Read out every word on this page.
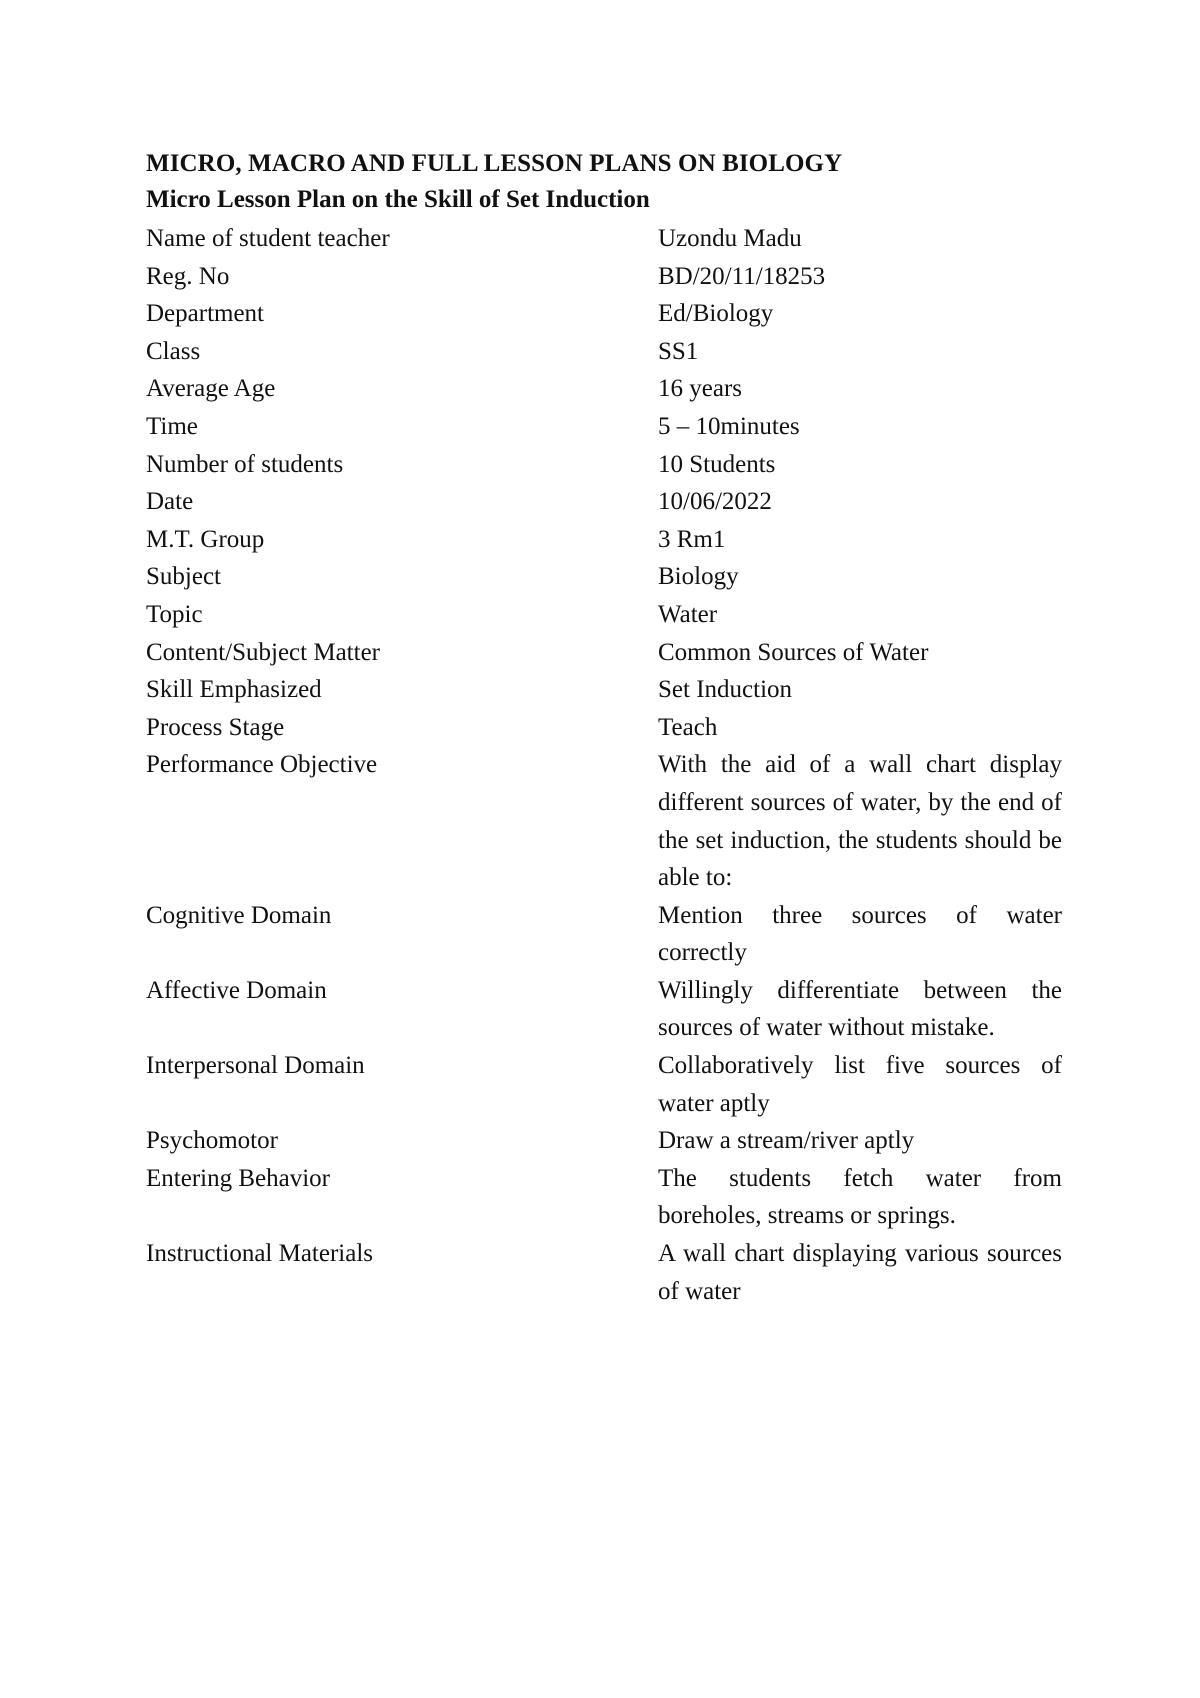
MICRO, MACRO AND FULL LESSON PLANS ON BIOLOGY
Micro Lesson Plan on the Skill of Set Induction
Name of student teacher	Uzondu Madu
Reg. No	BD/20/11/18253
Department	Ed/Biology
Class	SS1
Average Age	16 years
Time	5 – 10minutes
Number of students	10 Students
Date	10/06/2022
M.T. Group	3 Rm1
Subject	Biology
Topic	Water
Content/Subject Matter	Common Sources of Water
Skill Emphasized	Set Induction
Process Stage	Teach
Performance Objective	With the aid of a wall chart display different sources of water, by the end of the set induction, the students should be able to:
Cognitive Domain	Mention three sources of water correctly
Affective Domain	Willingly differentiate between the sources of water without mistake.
Interpersonal Domain	Collaboratively list five sources of water aptly
Psychomotor	Draw a stream/river aptly
Entering Behavior	The students fetch water from boreholes, streams or springs.
Instructional Materials	A wall chart displaying various sources of water
